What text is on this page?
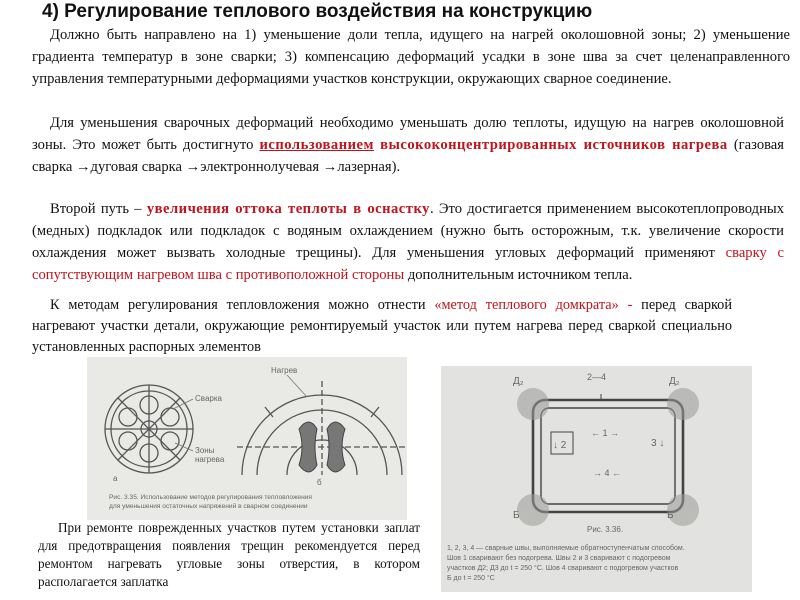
4) Регулирование теплового воздействия на конструкцию
Должно быть направлено на 1) уменьшение доли тепла, идущего на нагрей околошовной зоны; 2) уменьшение градиента температур в зоне сварки; 3) компенсацию деформаций усадки в зоне шва за счет целенаправленного управления температурными деформациями участков конструкции, окружающих сварное соединение.
Для уменьшения сварочных деформаций необходимо уменьшать долю теплоты, идущую на нагрев околошовной зоны. Это может быть достигнуто использованием высококонцентрированных источников нагрева (газовая сварка →дуговая сварка →электроннолучевая →лазерная).
Второй путь – увеличения оттока теплоты в оснастку. Это достигается применением высокотеплопроводных (медных) подкладок или подкладок с водяным охлаждением (нужно быть осторожным, т.к. увеличение скорости охлаждения может вызвать холодные трещины). Для уменьшения угловых деформаций применяют сварку с сопутствующим нагревом шва с противоположной стороны дополнительным источником тепла.
К методам регулирования тепловложения можно отнести «метод теплового домкрата» - перед сваркой нагревают участки детали, окружающие ремонтируемый участок или путем нагрева перед сваркой специально установленных распорных элементов
Сварка
Зоны
нагрева
а
Нагрев
б
Рис. 3.35. Использование методов регулирования тепловложения
для уменьшения остаточных напряжений в сварном соединении
Д₂	Д₂
2—4
← 1 →
↓ 2	3 ↓
→ 4 ←
Б	Б
Рис. 3.36.
1, 2, 3, 4 — сварные швы, выполняемые обратноступенчатым способом.
Шов 1 сваривают без подогрева. Швы 2 и 3 сваривают с подогревом
участков Д2; Д3 до t = 250 °С. Шов 4 сваривают с подогревом участков
Б до t = 250 °С
При ремонте поврежденных участков путем установки заплат для предотвращения появления трещин рекомендуется перед ремонтом нагревать угловые зоны отверстия, в котором располагается заплатка
